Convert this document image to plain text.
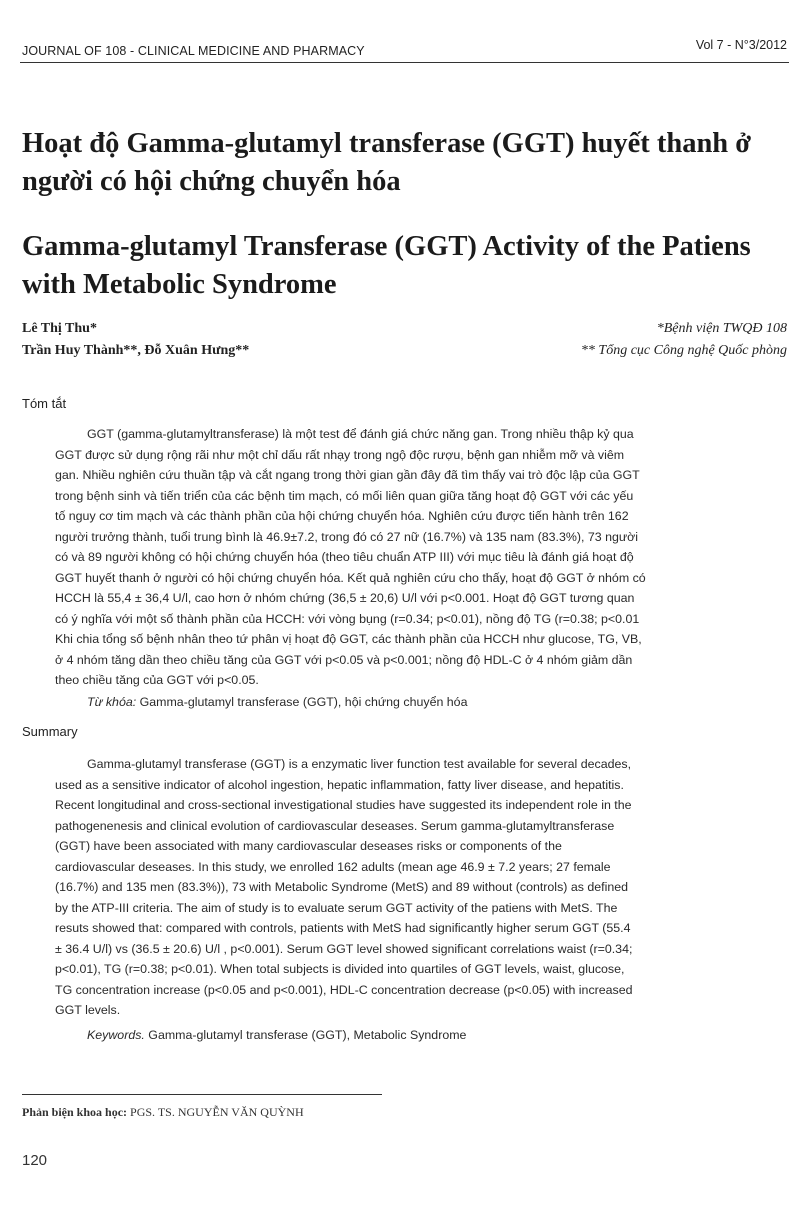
JOURNAL OF 108 - CLINICAL MEDICINE AND PHARMACY	Vol 7 - N°3/2012
Hoạt độ Gamma-glutamyl transferase (GGT) huyết thanh ở
người có hội chứng chuyển hóa
Gamma-glutamyl Transferase (GGT) Activity of the Patiens
with Metabolic Syndrome
Lê Thị Thu*
Trần Huy Thành**, Đỗ Xuân Hưng**
*Bệnh viện TWQĐ 108
** Tổng cục Công nghệ Quốc phòng
Tóm tắt

GGT (gamma-glutamyltransferase) là một test để đánh giá chức năng gan. Trong nhiều thập kỷ qua
GGT được sử dụng rộng rãi như một chỉ dấu rất nhạy trong ngộ độc rượu, bệnh gan nhiễm mỡ và viêm
gan. Nhiều nghiên cứu thuần tập và cắt ngang trong thời gian gần đây đã tìm thấy vai trò độc lập của GGT
trong bệnh sinh và tiến triển của các bệnh tim mạch, có mối liên quan giữa tăng hoạt độ GGT với các yếu
tố nguy cơ tim mạch và các thành phần của hội chứng chuyển hóa. Nghiên cứu được tiến hành trên 162
người trưởng thành, tuổi trung bình là 46.9±7.2, trong đó có 27 nữ (16.7%) và 135 nam (83.3%), 73 người
có và 89 người không có hội chứng chuyển hóa (theo tiêu chuẩn ATP III) với mục tiêu là đánh giá hoạt độ
GGT huyết thanh ở người có hội chứng chuyển hóa. Kết quả nghiên cứu cho thấy, hoạt độ GGT ở nhóm có
HCCH là 55,4 ± 36,4 U/l, cao hơn ở nhóm chứng (36,5 ± 20,6) U/l với p<0.001. Hoạt độ GGT tương quan
có ý nghĩa với một số thành phần của HCCH: với vòng bụng (r=0.34; p<0.01), nồng độ TG (r=0.38; p<0.01
Khi chia tổng số bệnh nhân theo tứ phân vị hoạt độ GGT, các thành phần của HCCH như glucose, TG, VB,
ở 4 nhóm tăng dần theo chiều tăng của GGT với p<0.05 và p<0.001; nồng độ HDL-C ở 4 nhóm giảm dần
theo chiều tăng của GGT với p<0.05.

Từ khóa: Gamma-glutamyl transferase (GGT), hội chứng chuyển hóa
Summary

Gamma-glutamyl transferase (GGT) is a enzymatic liver function test available for several decades,
used as a sensitive indicator of alcohol ingestion, hepatic inflammation, fatty liver disease, and hepatitis.
Recent longitudinal and cross-sectional investigational studies have suggested its independent role in the
pathogenenesis and clinical evolution of cardiovascular deseases. Serum gamma-glutamyltransferase
(GGT) have been associated with many cardiovascular deseases risks or components of the
cardiovascular deseases. In this study, we enrolled 162 adults (mean age 46.9 ± 7.2 years; 27 female
(16.7%) and 135 men (83.3%)), 73 with Metabolic Syndrome (MetS) and 89 without (controls) as defined
by the ATP-III criteria. The aim of study is to evaluate serum GGT activity of the patiens with MetS. The
resuts showed that: compared with controls, patients with MetS had significantly higher serum GGT (55.4
± 36.4 U/l) vs (36.5 ± 20.6) U/l , p<0.001). Serum GGT level showed significant correlations waist (r=0.34;
p<0.01), TG (r=0.38; p<0.01). When total subjects is divided into quartiles of GGT levels, waist, glucose,
TG concentration increase (p<0.05 and p<0.001), HDL-C concentration decrease (p<0.05) with increased
GGT levels.

Keywords. Gamma-glutamyl transferase (GGT), Metabolic Syndrome
Phản biện khoa học: PGS. TS. NGUYỄN VĂN QUỲNH
120
